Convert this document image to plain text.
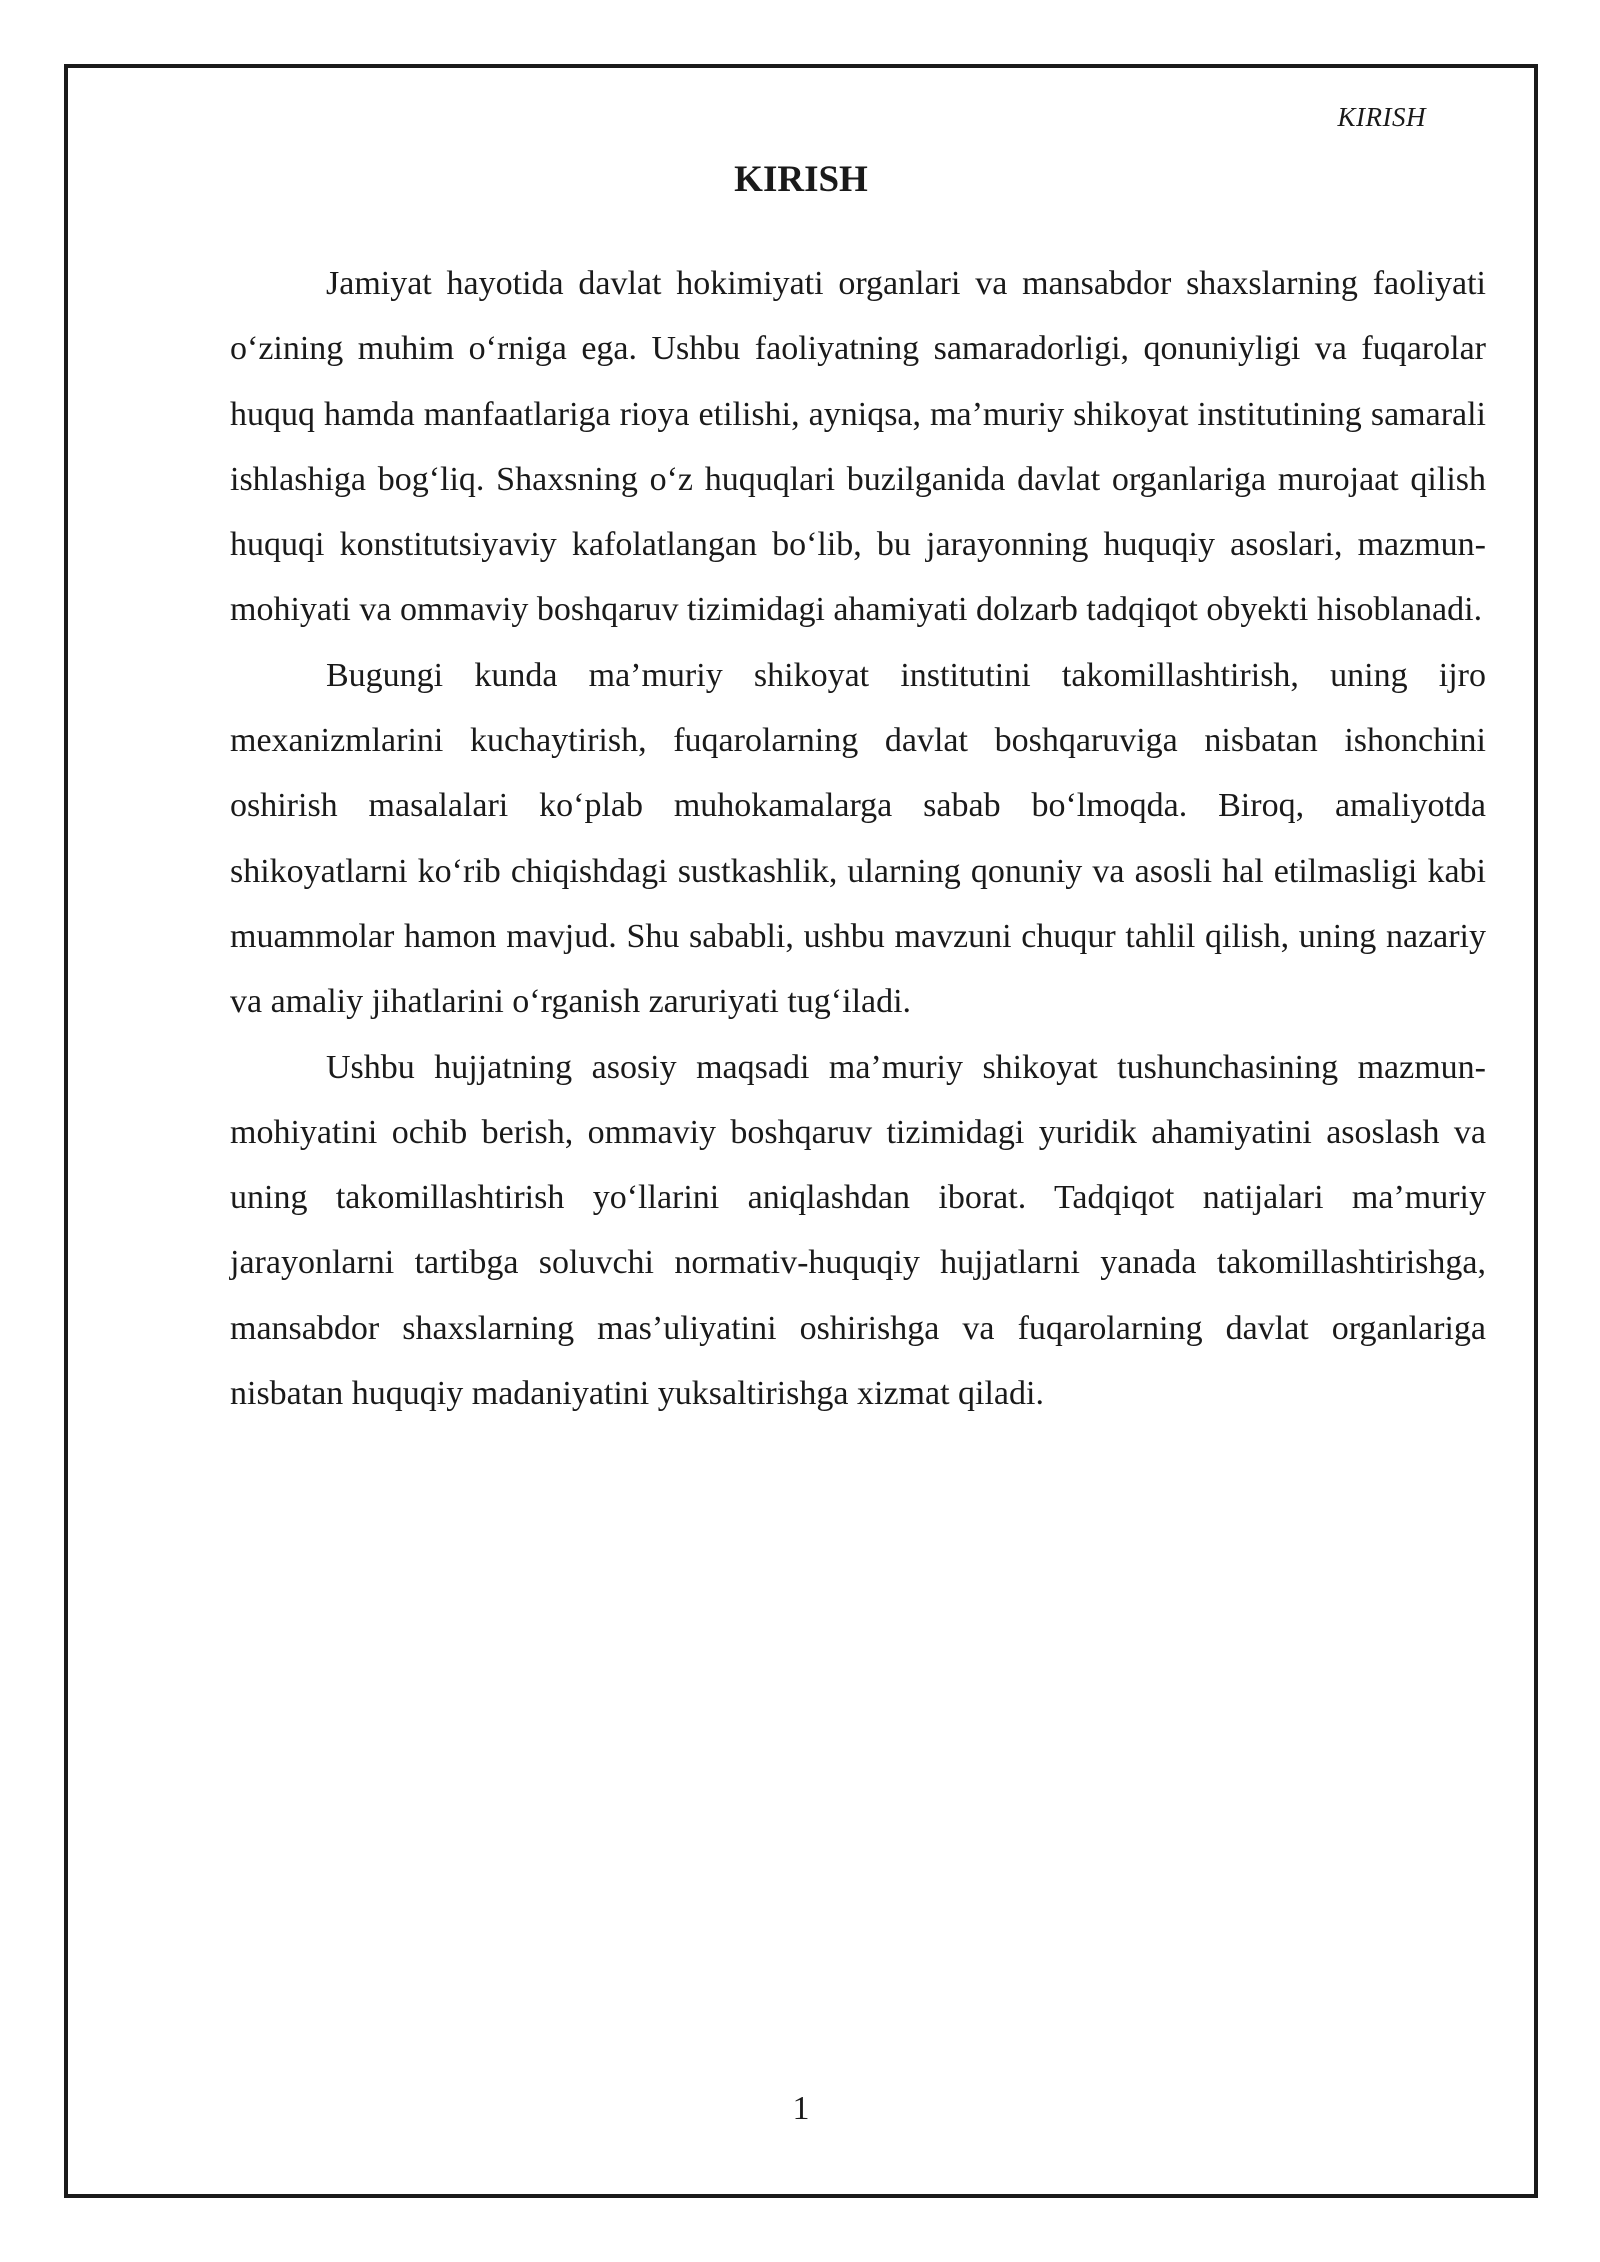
KIRISH
KIRISH

Jamiyat hayotida davlat hokimiyati organlari va mansabdor shaxslarning faoliyati o‘zining muhim o‘rniga ega. Ushbu faoliyatning samaradorligi, qonuniyligi va fuqarolar huquq hamda manfaatlariga rioya etilishi, ayniqsa, ma’muriy shikoyat institutining samarali ishlashiga bog‘liq. Shaxsning o‘z huquqlari buzilganida davlat organlariga murojaat qilish huquqi konstitutsiyaviy kafolatlangan bo‘lib, bu jarayonning huquqiy asoslari, mazmun-mohiyati va ommaviy boshqaruv tizimidagi ahamiyati dolzarb tadqiqot obyekti hisoblanadi.

Bugungi kunda ma’muriy shikoyat institutini takomillashtirish, uning ijro mexanizmlarini kuchaytirish, fuqarolarning davlat boshqaruviga nisbatan ishonchini oshirish masalalari ko‘plab muhokamalarga sabab bo‘lmoqda. Biroq, amaliyotda shikoyatlarni ko‘rib chiqishdagi sustkashlik, ularning qonuniy va asosli hal etilmasligi kabi muammolar hamon mavjud. Shu sababli, ushbu mavzuni chuqur tahlil qilish, uning nazariy va amaliy jihatlarini o‘rganish zaruriyati tug‘iladi.

Ushbu hujjatning asosiy maqsadi ma’muriy shikoyat tushunchasining mazmun-mohiyatini ochib berish, ommaviy boshqaruv tizimidagi yuridik ahamiyatini asoslash va uning takomillashtirish yo‘llarini aniqlashdan iborat. Tadqiqot natijalari ma’muriy jarayonlarni tartibga soluvchi normativ-huquqiy hujjatlarni yanada takomillashtirishga, mansabdor shaxslarning mas’uliyatini oshirishga va fuqarolarning davlat organlariga nisbatan huquqiy madaniyatini yuksaltirishga xizmat qiladi.

1
